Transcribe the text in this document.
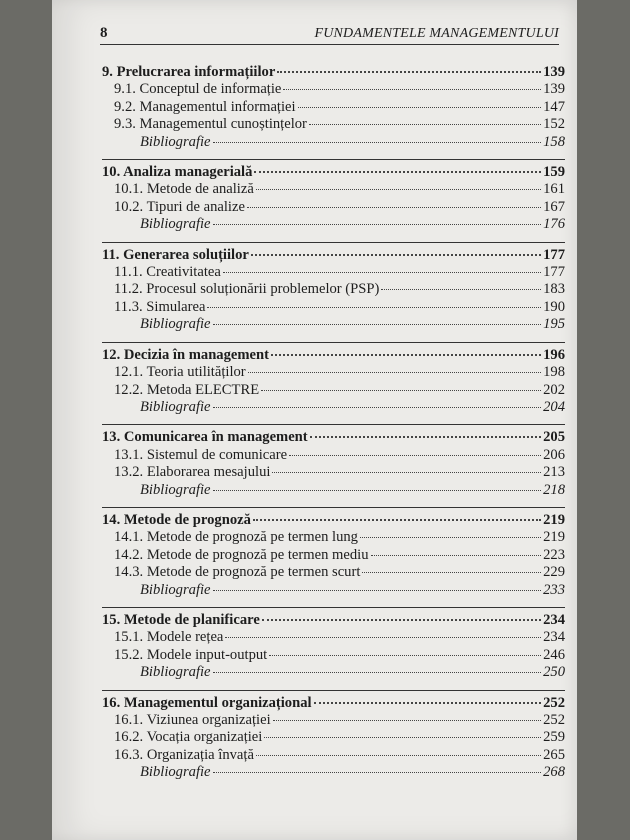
8	FUNDAMENTELE MANAGEMENTULUI
9. Prelucrarea informațiilor	139
9.1. Conceptul de informație	139
9.2. Managementul informației	147
9.3. Managementul cunoștințelor	152
Bibliografie	158
10. Analiza managerială	159
10.1. Metode de analiză	161
10.2. Tipuri de analize	167
Bibliografie	176
11. Generarea soluțiilor	177
11.1. Creativitatea	177
11.2. Procesul soluționării problemelor (PSP)	183
11.3. Simularea	190
Bibliografie	195
12. Decizia în management	196
12.1. Teoria utilităților	198
12.2. Metoda ELECTRE	202
Bibliografie	204
13. Comunicarea în management	205
13.1. Sistemul de comunicare	206
13.2. Elaborarea mesajului	213
Bibliografie	218
14. Metode de prognoză	219
14.1. Metode de prognoză pe termen lung	219
14.2. Metode de prognoză pe termen mediu	223
14.3. Metode de prognoză pe termen scurt	229
Bibliografie	233
15. Metode de planificare	234
15.1. Modele rețea	234
15.2. Modele input-output	246
Bibliografie	250
16. Managementul organizațional	252
16.1. Viziunea organizației	252
16.2. Vocația organizației	259
16.3. Organizația învață	265
Bibliografie	268
